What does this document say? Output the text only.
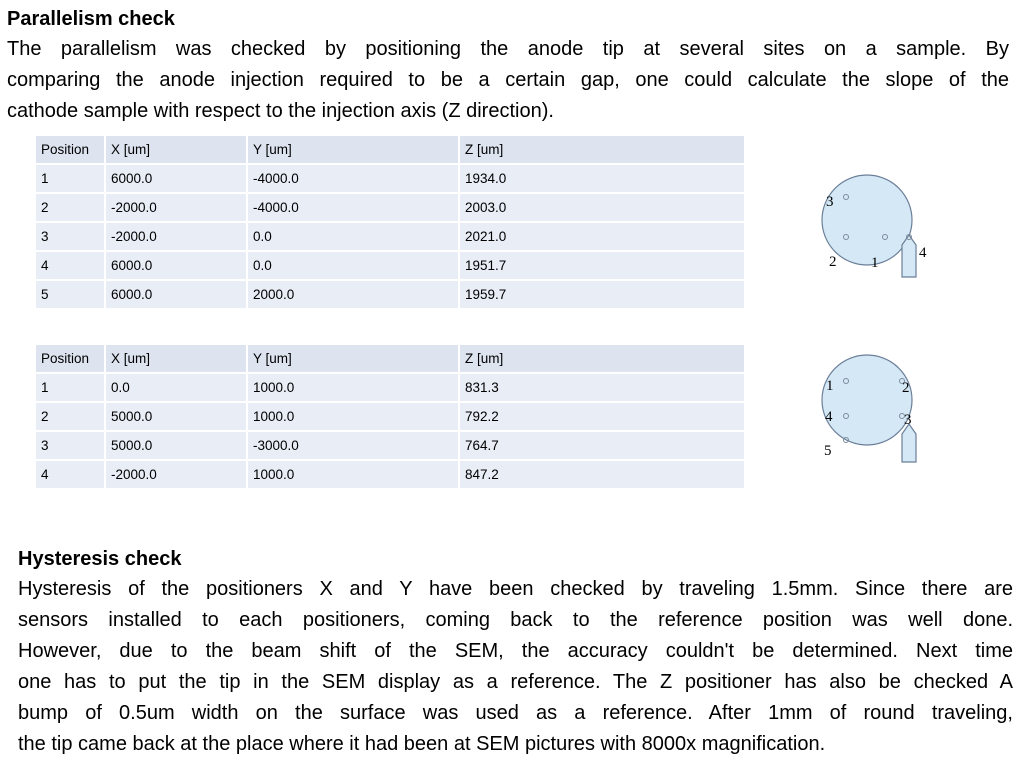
Parallelism check
The parallelism was checked by positioning the anode tip at several sites on a sample. By
comparing the anode injection required to be a certain gap, one could calculate the slope of the
cathode sample with respect to the injection axis (Z direction).
Position	X [um]	Y [um]	Z [um]
1	6000.0	-4000.0	1934.0
2	-2000.0	-4000.0	2003.0
3	-2000.0	0.0	2021.0
4	6000.0	0.0	1951.7
5	6000.0	2000.0	1959.7
Position	X [um]	Y [um]	Z [um]
1	0.0	1000.0	831.3
2	5000.0	1000.0	792.2
3	5000.0	-3000.0	764.7
4	-2000.0	1000.0	847.2
3
4
2 1
1	2
4	3
5
Hysteresis check
Hysteresis of the positioners X and Y have been checked by traveling 1.5mm. Since there are
sensors installed to each positioners, coming back to the reference position was well done.
However, due to the beam shift of the SEM, the accuracy couldn't be determined. Next time
one has to put the tip in the SEM display as a reference. The Z positioner has also be checked A
bump of 0.5um width on the surface was used as a reference. After 1mm of round traveling,
the tip came back at the place where it had been at SEM pictures with 8000x magnification.
